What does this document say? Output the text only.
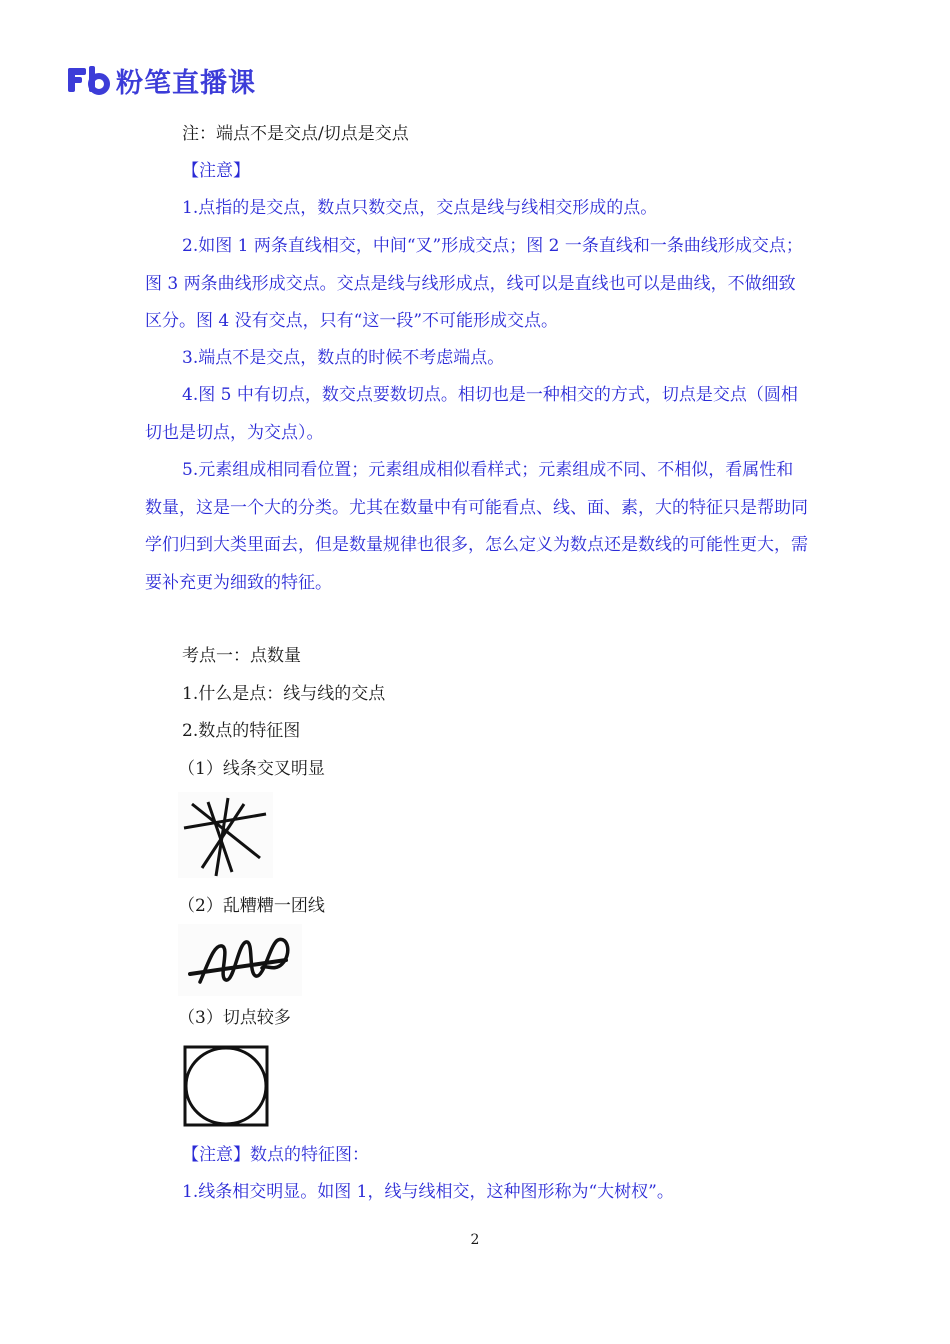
粉笔直播课
注：端点不是交点/切点是交点
【注意】
1.点指的是交点，数点只数交点，交点是线与线相交形成的点。
2.如图 1 两条直线相交，中间“叉”形成交点；图 2 一条直线和一条曲线形成交点；图 3 两条曲线形成交点。交点是线与线形成点，线可以是直线也可以是曲线，不做细致区分。图 4 没有交点，只有“这一段”不可能形成交点。
3.端点不是交点，数点的时候不考虑端点。
4.图 5 中有切点，数交点要数切点。相切也是一种相交的方式，切点是交点（圆相切也是切点，为交点）。
5.元素组成相同看位置；元素组成相似看样式；元素组成不同、不相似，看属性和数量，这是一个大的分类。尤其在数量中有可能看点、线、面、素，大的特征只是帮助同学们归到大类里面去，但是数量规律也很多，怎么定义为数点还是数线的可能性更大，需要补充更为细致的特征。
考点一：点数量
1.什么是点：线与线的交点
2.数点的特征图
（1）线条交叉明显
（2）乱糟糟一团线
（3）切点较多
【注意】数点的特征图：
1.线条相交明显。如图 1，线与线相交，这种图形称为“大树杈”。
2
